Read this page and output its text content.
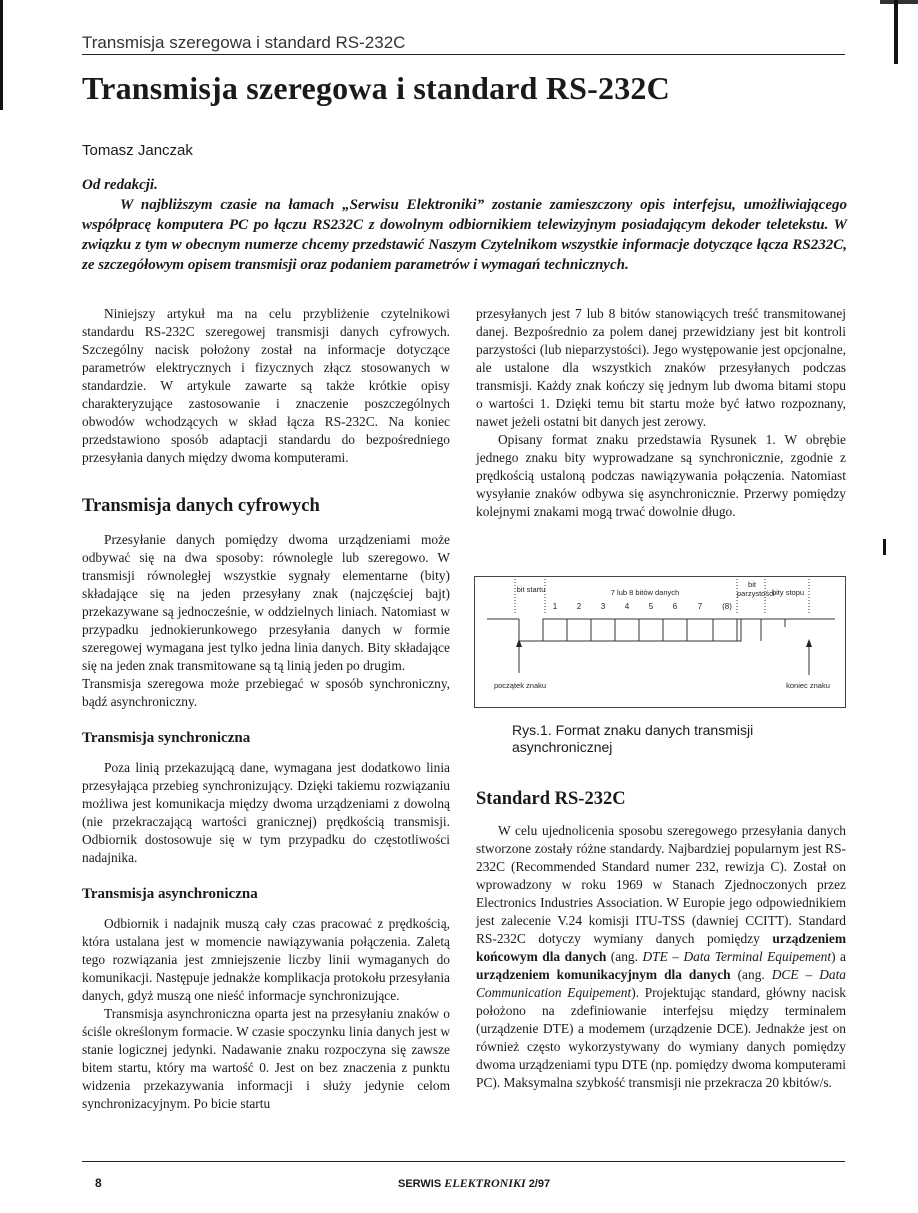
Transmisja szeregowa i standard RS-232C
Transmisja szeregowa i standard RS-232C
Tomasz Janczak
Od redakcji.
W najbliższym czasie na łamach „Serwisu Elektroniki” zostanie zamieszczony opis interfejsu, umożliwiającego współpracę komputera PC po łączu RS232C z dowolnym odbiornikiem telewizyjnym posiadającym dekoder teletekstu. W związku z tym w obecnym numerze chcemy przedstawić Naszym Czytelnikom wszystkie informacje dotyczące łącza RS232C, ze szczegółowym opisem transmisji oraz podaniem parametrów i wymagań technicznych.

Niniejszy artykuł ma na celu przybliżenie czytelnikowi standardu RS-232C szeregowej transmisji danych cyfrowych. Szczególny nacisk położony został na informacje dotyczące parametrów elektrycznych i fizycznych złącz stosowanych w standardzie. W artykule zawarte są także krótkie opisy charakteryzujące zastosowanie i znaczenie poszczególnych obwodów wchodzących w skład łącza RS-232C. Na koniec przedstawiono sposób adaptacji standardu do bezpośredniego przesyłania danych między dwoma komputerami.

Transmisja danych cyfrowych

Przesyłanie danych pomiędzy dwoma urządzeniami może odbywać się na dwa sposoby: równolegle lub szeregowo. W transmisji równoległej wszystkie sygnały elementarne (bity) składające się na jeden przesyłany znak (najczęściej bajt) przekazywane są jednocześnie, w oddzielnych liniach. Natomiast w przypadku jednokierunkowego przesyłania danych w formie szeregowej wymagana jest tylko jedna linia danych. Bity składające się na jeden znak transmitowane są tą linią jeden po drugim.

Transmisja szeregowa może przebiegać w sposób synchroniczny, bądź asynchroniczny.

Transmisja synchroniczna

Poza linią przekazującą dane, wymagana jest dodatkowo linia przesyłająca przebieg synchronizujący. Dzięki takiemu rozwiązaniu możliwa jest komunikacja między dwoma urządzeniami z dowolną (nie przekraczającą wartości granicznej) prędkością transmisji. Odbiornik dostosowuje się w tym przypadku do częstotliwości nadajnika.

Transmisja asynchroniczna

Odbiornik i nadajnik muszą cały czas pracować z prędkością, która ustalana jest w momencie nawiązywania połączenia. Zaletą tego rozwiązania jest zmniejszenie liczby linii wymaganych do komunikacji. Następuje jednakże komplikacja protokołu przesyłania danych, gdyż muszą one nieść informacje synchronizujące.

Transmisja asynchroniczna oparta jest na przesyłaniu znaków o ściśle określonym formacie. W czasie spoczynku linia danych jest w stanie logicznej jedynki. Nadawanie znaku rozpoczyna się zawsze bitem startu, który ma wartość 0. Jest on bez znaczenia z punktu widzenia przekazywania informacji i służy jedynie celom synchronizacyjnym. Po bicie startu

przesyłanych jest 7 lub 8 bitów stanowiących treść transmitowanej danej. Bezpośrednio za polem danej przewidziany jest bit kontroli parzystości (lub nieparzystości). Jego występowanie jest opcjonalne, ale ustalone dla wszystkich znaków przesyłanych podczas transmisji. Każdy znak kończy się jednym lub dwoma bitami stopu o wartości 1. Dzięki temu bit startu może być łatwo rozpoznany, nawet jeżeli ostatni bit danych jest zerowy.

Opisany format znaku przedstawia Rysunek 1. W obrębie jednego znaku bity wyprowadzane są synchronicznie, zgodnie z prędkością ustaloną podczas nawiązywania połączenia. Natomiast wysyłanie znaków odbywa się asynchronicznie. Przerwy pomiędzy kolejnymi znakami mogą trwać dowolnie długo.

bit startu	7 lub 8 bitów danych
bit parzystości
bity stopu
1	2	3	4	5	6	7	(8)
początek znaku	koniec znaku
Rys.1. Format znaku danych transmisji asynchronicznej
Standard RS-232C

W celu ujednolicenia sposobu szeregowego przesyłania danych stworzone zostały różne standardy. Najbardziej popularnym jest RS-232C (Recommended Standard numer 232, rewizja C). Został on wprowadzony w roku 1969 w Stanach Zjednoczonych przez Electronics Industries Association. W Europie jego odpowiednikiem jest zalecenie V.24 komisji ITU-TSS (dawniej CCITT). Standard RS-232C dotyczy wymiany danych pomiędzy urządzeniem końcowym dla danych (ang. DTE – Data Terminal Equipement) a urządzeniem komunikacyjnym dla danych (ang. DCE – Data Communication Equipement). Projektując standard, główny nacisk położono na zdefiniowanie interfejsu między terminalem (urządzenie DTE) a modemem (urządzenie DCE). Jednakże jest on również często wykorzystywany do wymiany danych pomiędzy dwoma urządzeniami typu DTE (np. pomiędzy dwoma komputerami PC). Maksymalna szybkość transmisji nie przekracza 20 kbitów/s.

8	SERWIS ELEKTRONIKI 2/97
